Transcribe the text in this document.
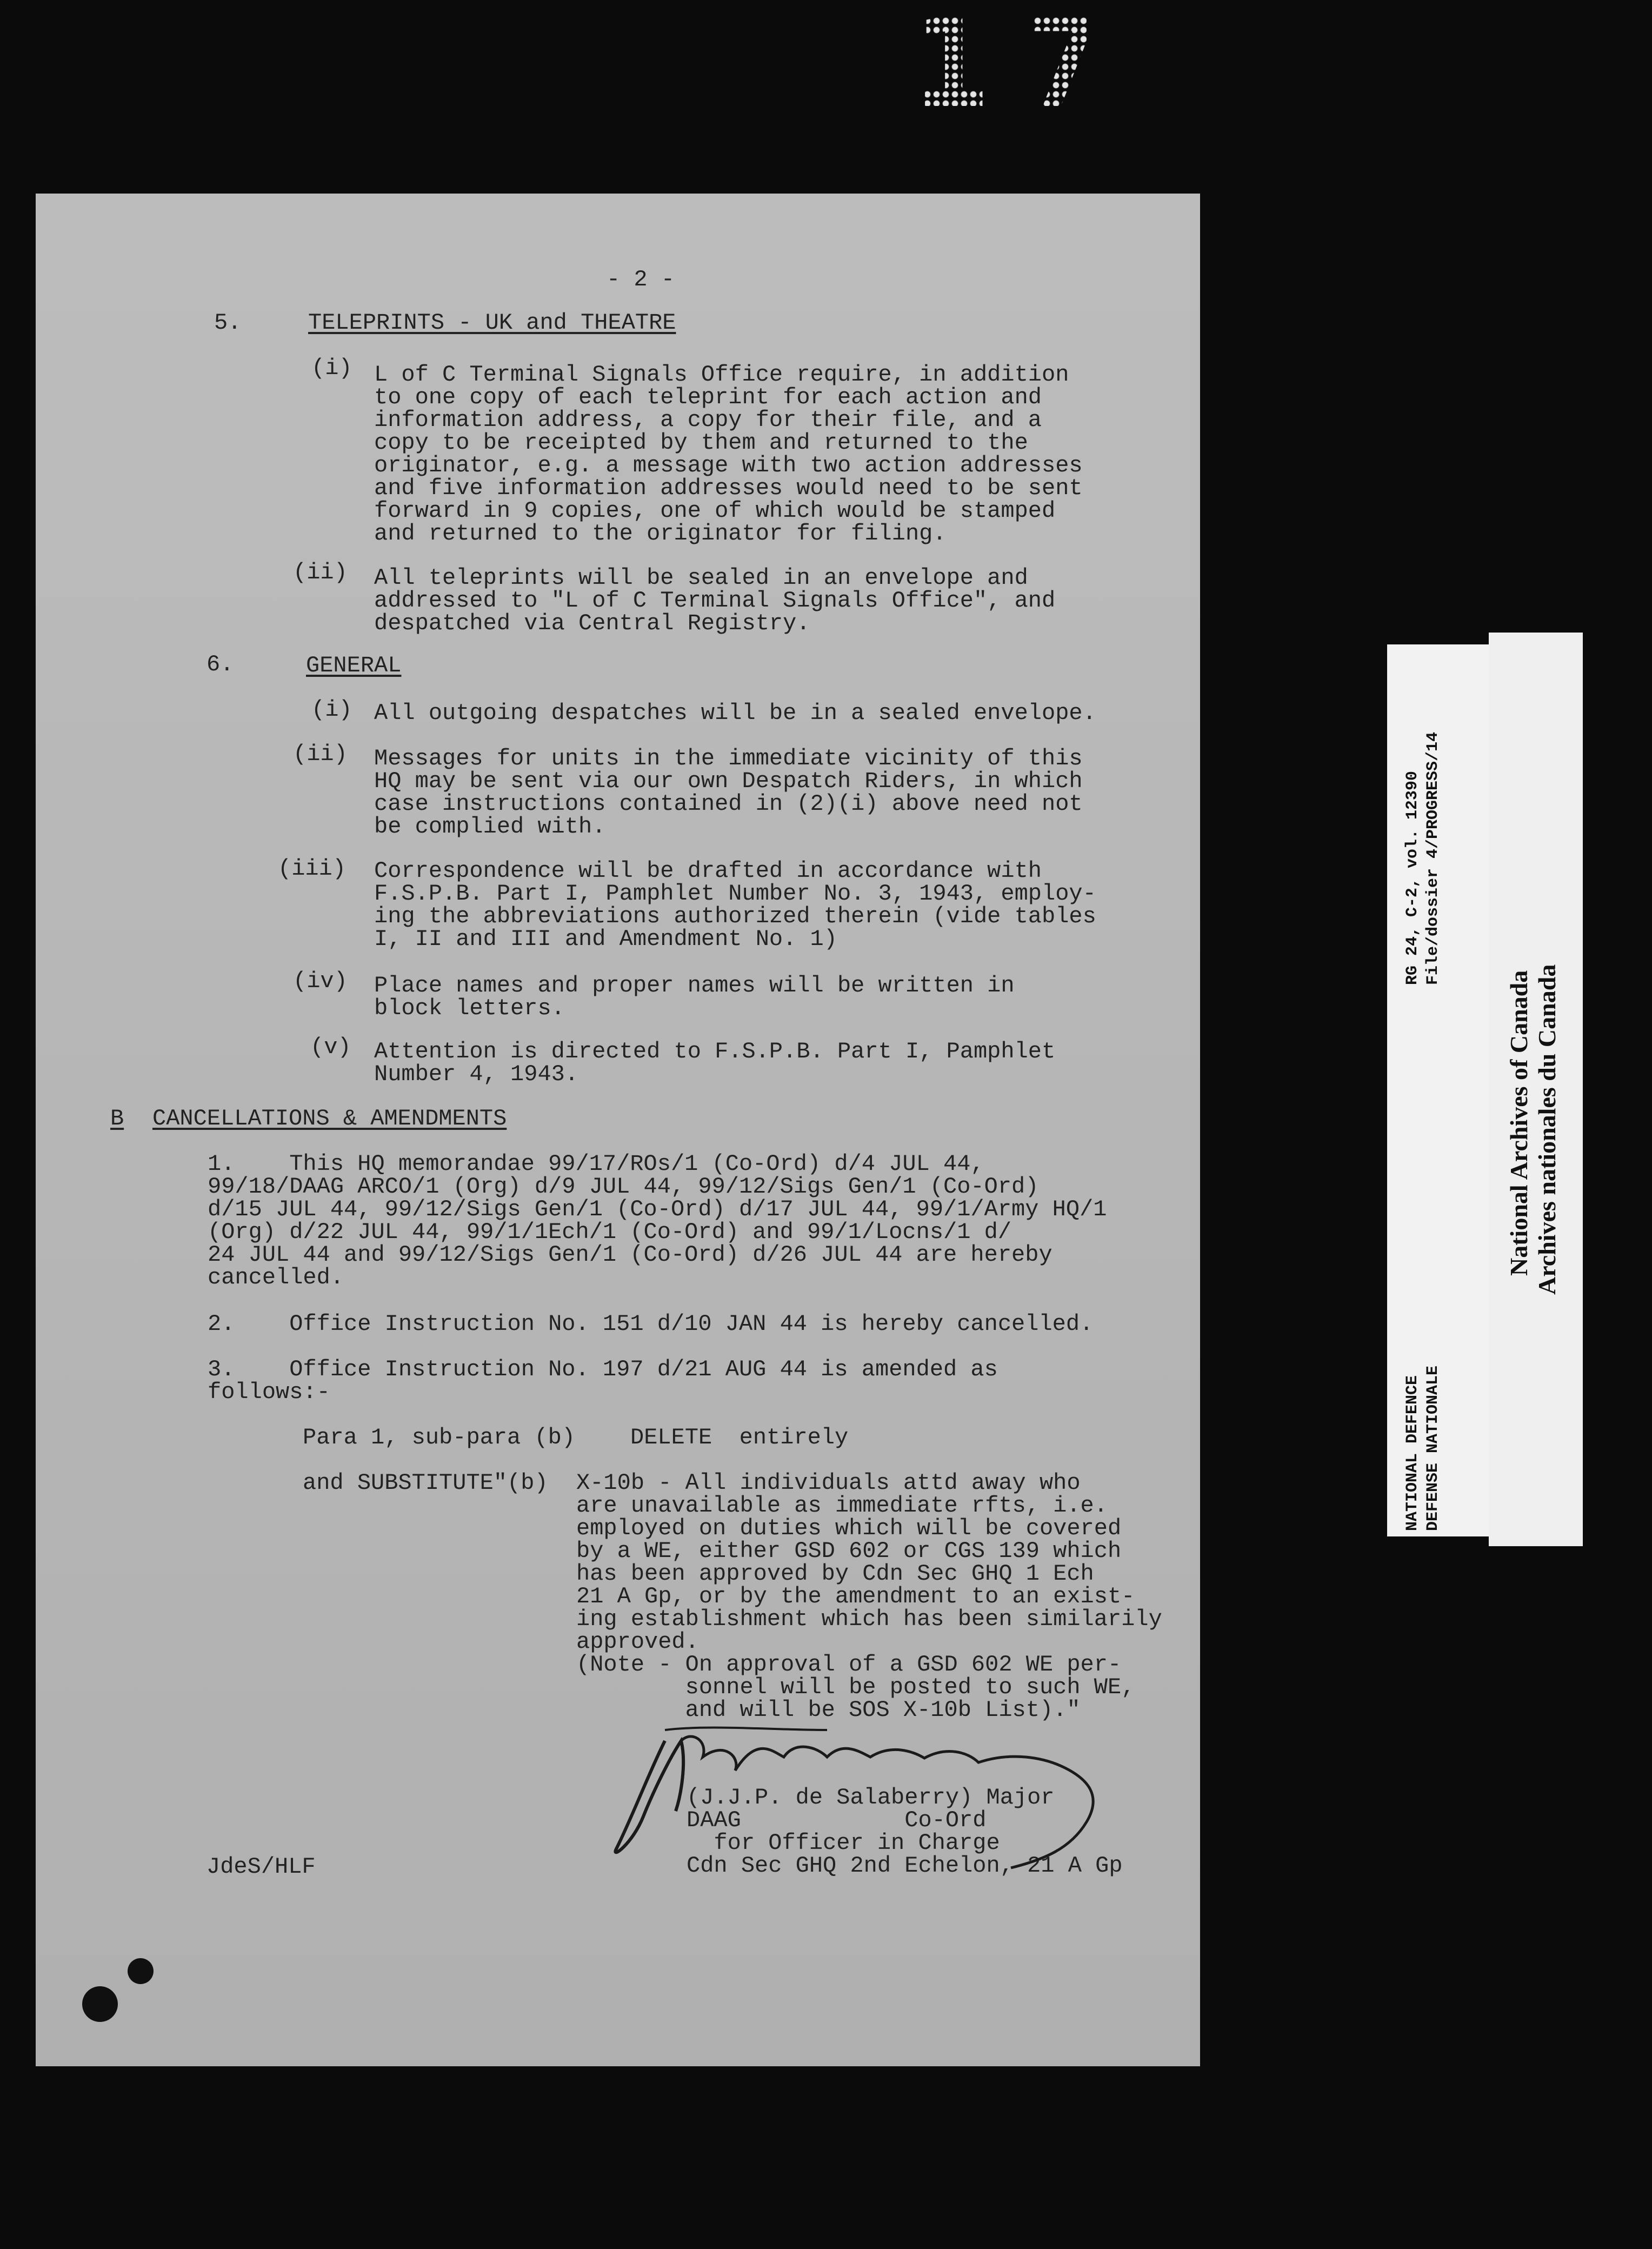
17
- 2 -
5.	TELEPRINTS - UK and THEATRE
(i) L of C Terminal Signals Office require, in addition
to one copy of each teleprint for each action and
information address, a copy for their file, and a
copy to be receipted by them and returned to the
originator, e.g. a message with two action addresses
and five information addresses would need to be sent
forward in 9 copies, one of which would be stamped
and returned to the originator for filing.
(ii) All teleprints will be sealed in an envelope and
addressed to "L of C Terminal Signals Office", and
despatched via Central Registry.
6.	GENERAL
(i) All outgoing despatches will be in a sealed envelope.
(ii) Messages for units in the immediate vicinity of this
HQ may be sent via our own Despatch Riders, in which
case instructions contained in (2)(i) above need not
be complied with.
(iii) Correspondence will be drafted in accordance with
F.S.P.B. Part I, Pamphlet Number No. 3, 1943, employ-
ing the abbreviations authorized therein (vide tables
I, II and III and Amendment No. 1)
(iv) Place names and proper names will be written in
block letters.
(v) Attention is directed to F.S.P.B. Part I, Pamphlet
Number 4, 1943.
B CANCELLATIONS & AMENDMENTS
1.    This HQ memorandae 99/17/ROs/1 (Co-Ord) d/4 JUL 44,
99/18/DAAG ARCO/1 (Org) d/9 JUL 44, 99/12/Sigs Gen/1 (Co-Ord)
d/15 JUL 44, 99/12/Sigs Gen/1 (Co-Ord) d/17 JUL 44, 99/1/Army HQ/1
(Org) d/22 JUL 44, 99/1/1Ech/1 (Co-Ord) and 99/1/Locns/1 d/
24 JUL 44 and 99/12/Sigs Gen/1 (Co-Ord) d/26 JUL 44 are hereby
cancelled.
2.    Office Instruction No. 151 d/10 JAN 44 is hereby cancelled.
3.    Office Instruction No. 197 d/21 AUG 44 is amended as
follows:-
Para 1, sub-para (b) DELETE  entirely
and SUBSTITUTE"(b) X-10b - All individuals attd away who
are unavailable as immediate rfts, i.e.
employed on duties which will be covered
by a WE, either GSD 602 or CGS 139 which
has been approved by Cdn Sec GHQ 1 Ech
21 A Gp, or by the amendment to an exist-
ing establishment which has been similarily
approved.
(Note - On approval of a GSD 602 WE per-
sonnel will be posted to such WE,
and will be SOS X-10b List)."
(J.J.P. de Salaberry) Major
DAAG            Co-Ord
for Officer in Charge
Cdn Sec GHQ 2nd Echelon, 21 A Gp
JdeS/HLF
RG 24, C-2, vol. 12390 File/dossier 4/PROGRESS/14
NATIONAL DEFENCE DEFENSE NATIONALE
National Archives of Canada Archives nationales du Canada
